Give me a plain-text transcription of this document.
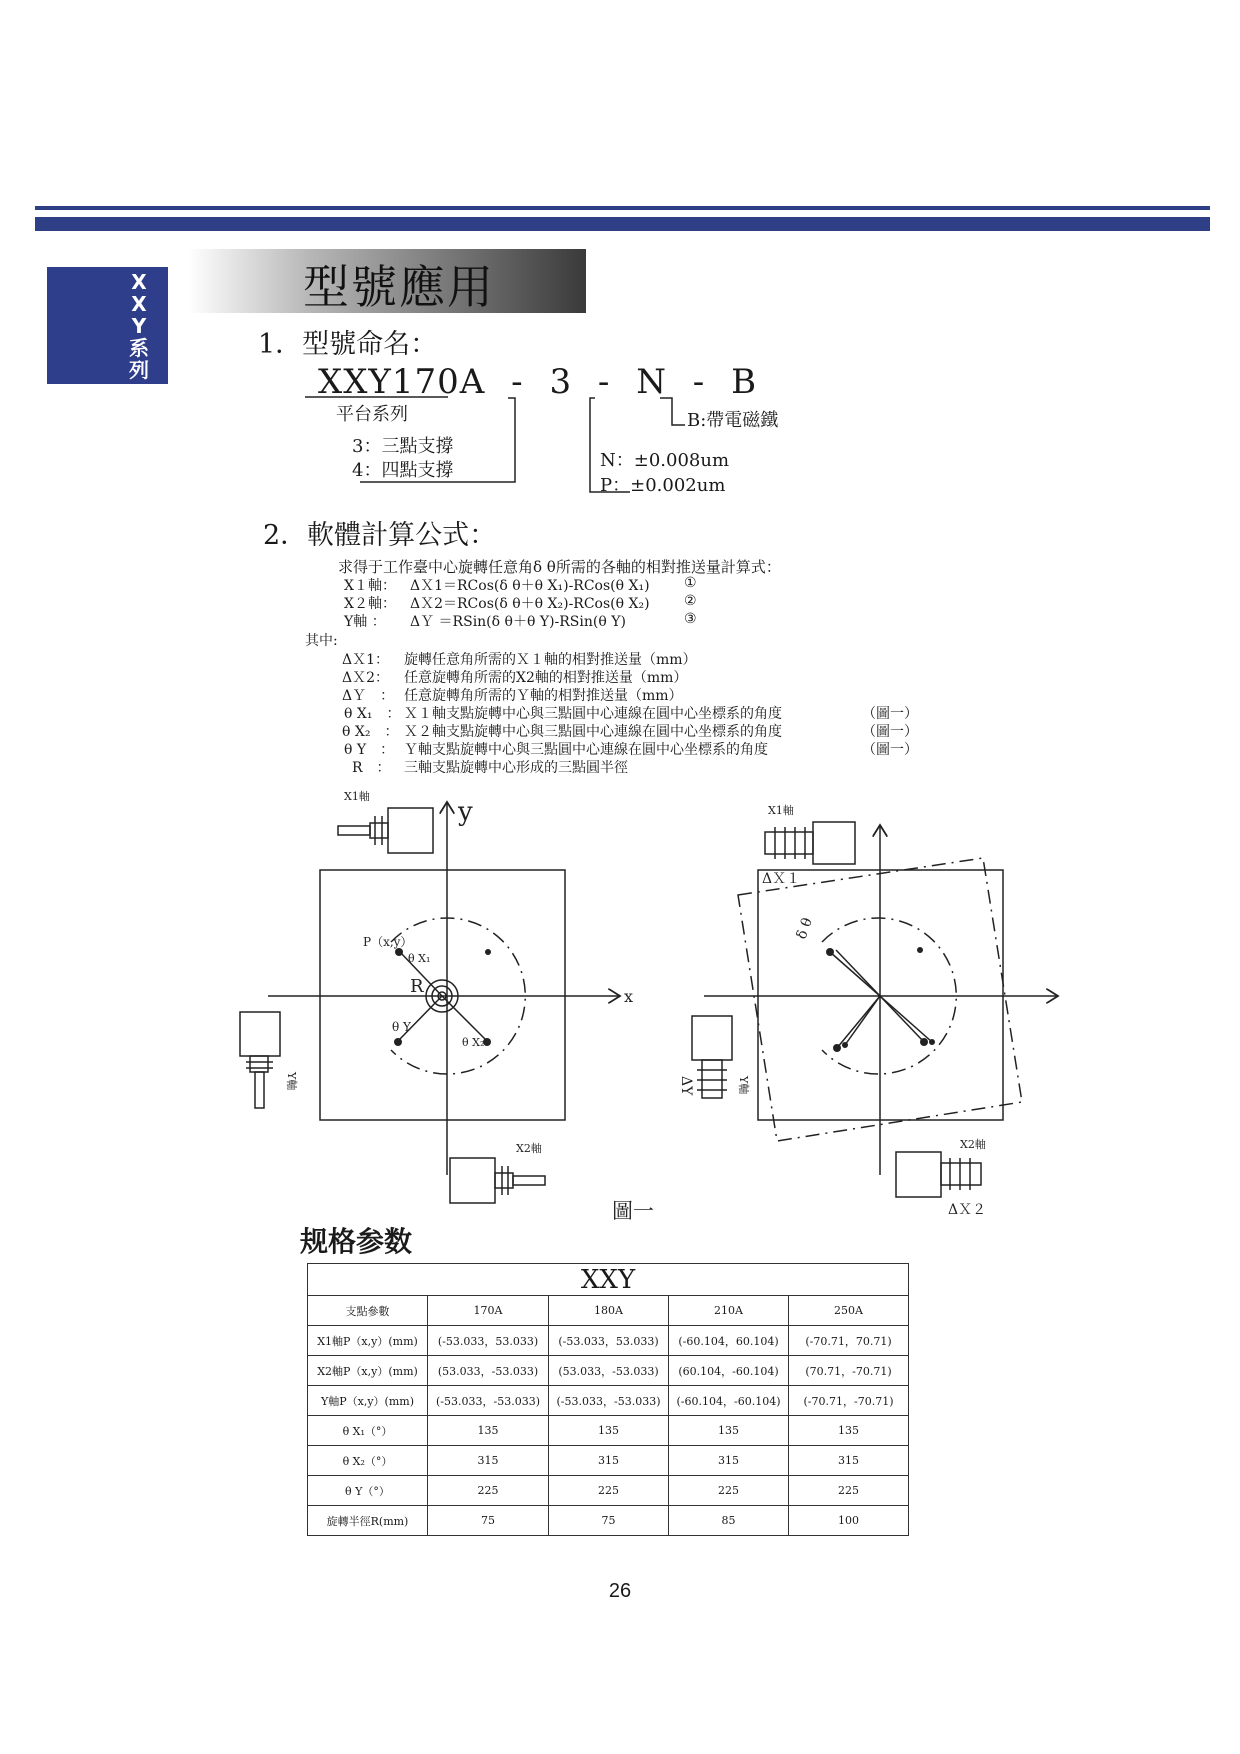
X
X
Y
系
列
型號應用
1．型號命名：
XXY170A - 3 - N - B
平台系列
3：三點支撐
4：四點支撐	N：±0.008um
P：±0.002um
B:帶電磁鐵
2．軟體計算公式：
求得于工作臺中心旋轉任意角δ θ所需的各軸的相對推送量計算式：
X１軸： ΔＸ1＝RCos(δ θ＋θ X₁)-RCos(θ X₁) ①
X２軸： ΔＸ2＝RCos(δ θ＋θ X₂)-RCos(θ X₂) ②
Y軸 ： ΔＹ ＝RSin(δ θ＋θ Y)-RSin(θ Y)	③
其中:
ΔＸ1： 旋轉任意角所需的Ｘ１軸的相對推送量（mm）
ΔＸ2： 任意旋轉角所需的X2軸的相對推送量（mm）
ΔＹ　： 任意旋轉角所需的Ｙ軸的相對推送量（mm）
θ X₁　： Ｘ１軸支點旋轉中心與三點圓中心連線在圓中心坐標系的角度	（圖一）
θ X₂　： Ｘ２軸支點旋轉中心與三點圓中心連線在圓中心坐標系的角度	（圖一）
θ Y　： Ｙ軸支點旋轉中心與三點圓中心連線在圓中心坐標系的角度	（圖一）
R　： 三軸支點旋轉中心形成的三點圓半徑
y
x
X1軸
X2軸
Y軸
P（x,y）
θ X₁
R
θ Y
θ X₂
X1軸
ΔＸ１
X2軸
ΔＸ２
Y軸
ΔY
δ θ
圖一
规格参数
XXY				
支點參數	170A	180A	210A	250A
X1軸P（x,y）(mm)	(-53.033，53.033)	(-53.033，53.033)	(-60.104，60.104)	(-70.71，70.71)
X2軸P（x,y）(mm)	(53.033，-53.033)	(53.033，-53.033)	(60.104，-60.104)	(70.71，-70.71)
Y軸P（x,y）(mm)	(-53.033，-53.033)	(-53.033，-53.033)	(-60.104，-60.104)	(-70.71，-70.71)
θ X₁（°）	135	135	135	135
θ X₂（°）	315	315	315	315
θ Y（°）	225	225	225	225
旋轉半徑R(mm)	75	75	85	100
26
